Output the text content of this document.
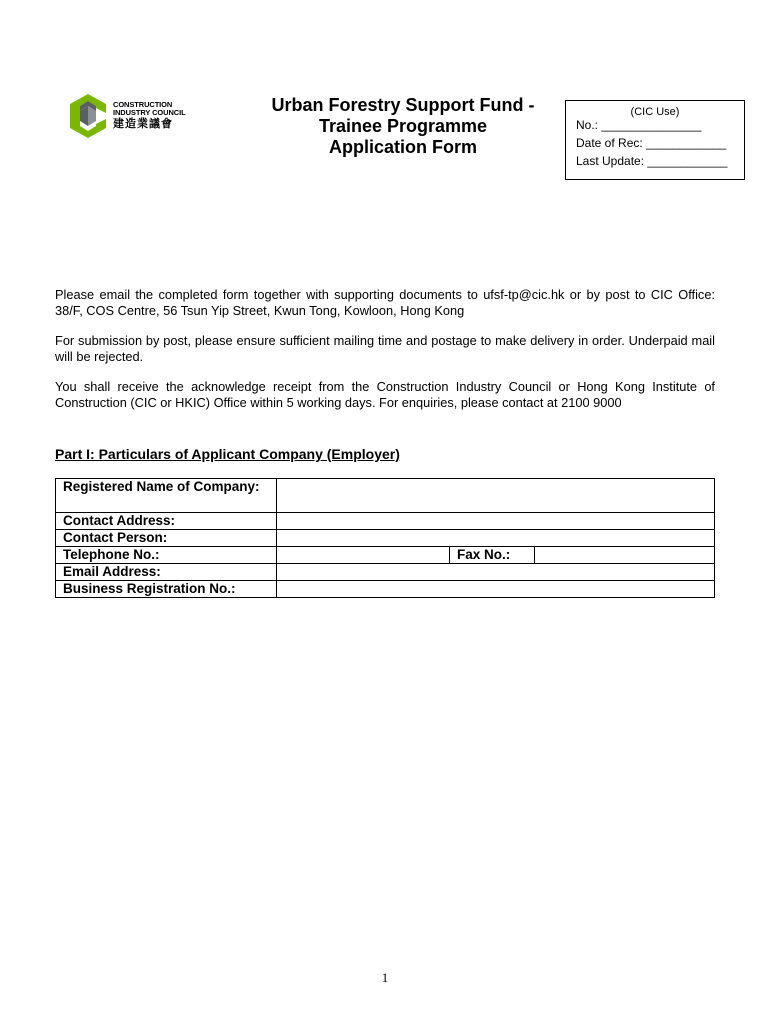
CONSTRUCTION
INDUSTRY COUNCIL
建造業議會
Urban Forestry Support Fund -
Trainee Programme
Application Form
(CIC Use)
No.: _______________
Date of Rec: ____________
Last Update: ____________
Please email the completed form together with supporting documents to ufsf-tp@cic.hk or by post to CIC Office: 38/F, COS Centre, 56 Tsun Yip Street, Kwun Tong, Kowloon, Hong Kong
For submission by post, please ensure sufficient mailing time and postage to make delivery in order. Underpaid mail will be rejected.
You shall receive the acknowledge receipt from the Construction Industry Council or Hong Kong Institute of Construction (CIC or HKIC) Office within 5 working days. For enquiries, please contact at 2100 9000
Part I: Particulars of Applicant Company (Employer)
Registered Name of Company:			
Contact Address:			
Contact Person:			
Telephone No.:		Fax No.:	
Email Address:			
Business Registration No.:			
1
